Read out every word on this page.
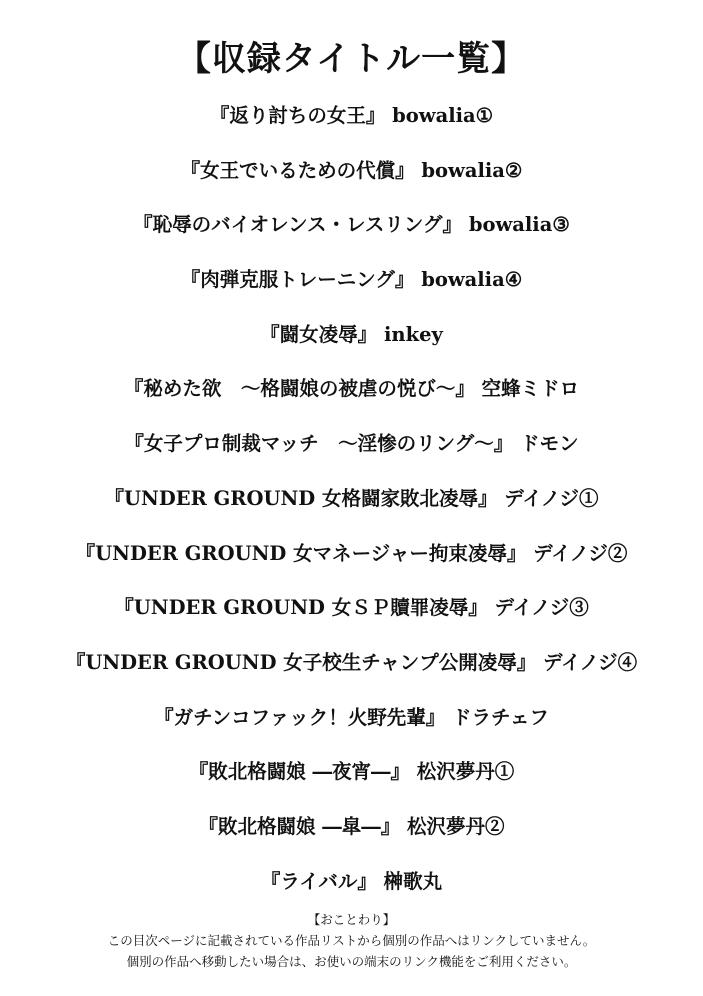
【収録タイトル一覧】
『返り討ちの女王』 bowalia①
『女王でいるための代償』 bowalia②
『恥辱のバイオレンス・レスリング』 bowalia③
『肉弾克服トレーニング』 bowalia④
『闘女凌辱』 inkey
『秘めた欲　～格闘娘の被虐の悦び～』 空蜂ミドロ
『女子プロ制裁マッチ　～淫惨のリング～』 ドモン
『UNDER GROUND 女格闘家敗北凌辱』 デイノジ①
『UNDER GROUND 女マネージャー拘束凌辱』 デイノジ②
『UNDER GROUND 女ＳＰ贖罪凌辱』 デイノジ③
『UNDER GROUND 女子校生チャンプ公開凌辱』 デイノジ④
『ガチンコファック！火野先輩』 ドラチェフ
『敗北格闘娘 ―夜宵―』 松沢夢丹①
『敗北格闘娘 ―皐―』 松沢夢丹②
『ライバル』 榊歌丸
【おことわり】
この目次ページに記載されている作品リストから個別の作品へはリンクしていません。
個別の作品へ移動したい場合は、お使いの端末のリンク機能をご利用ください。
